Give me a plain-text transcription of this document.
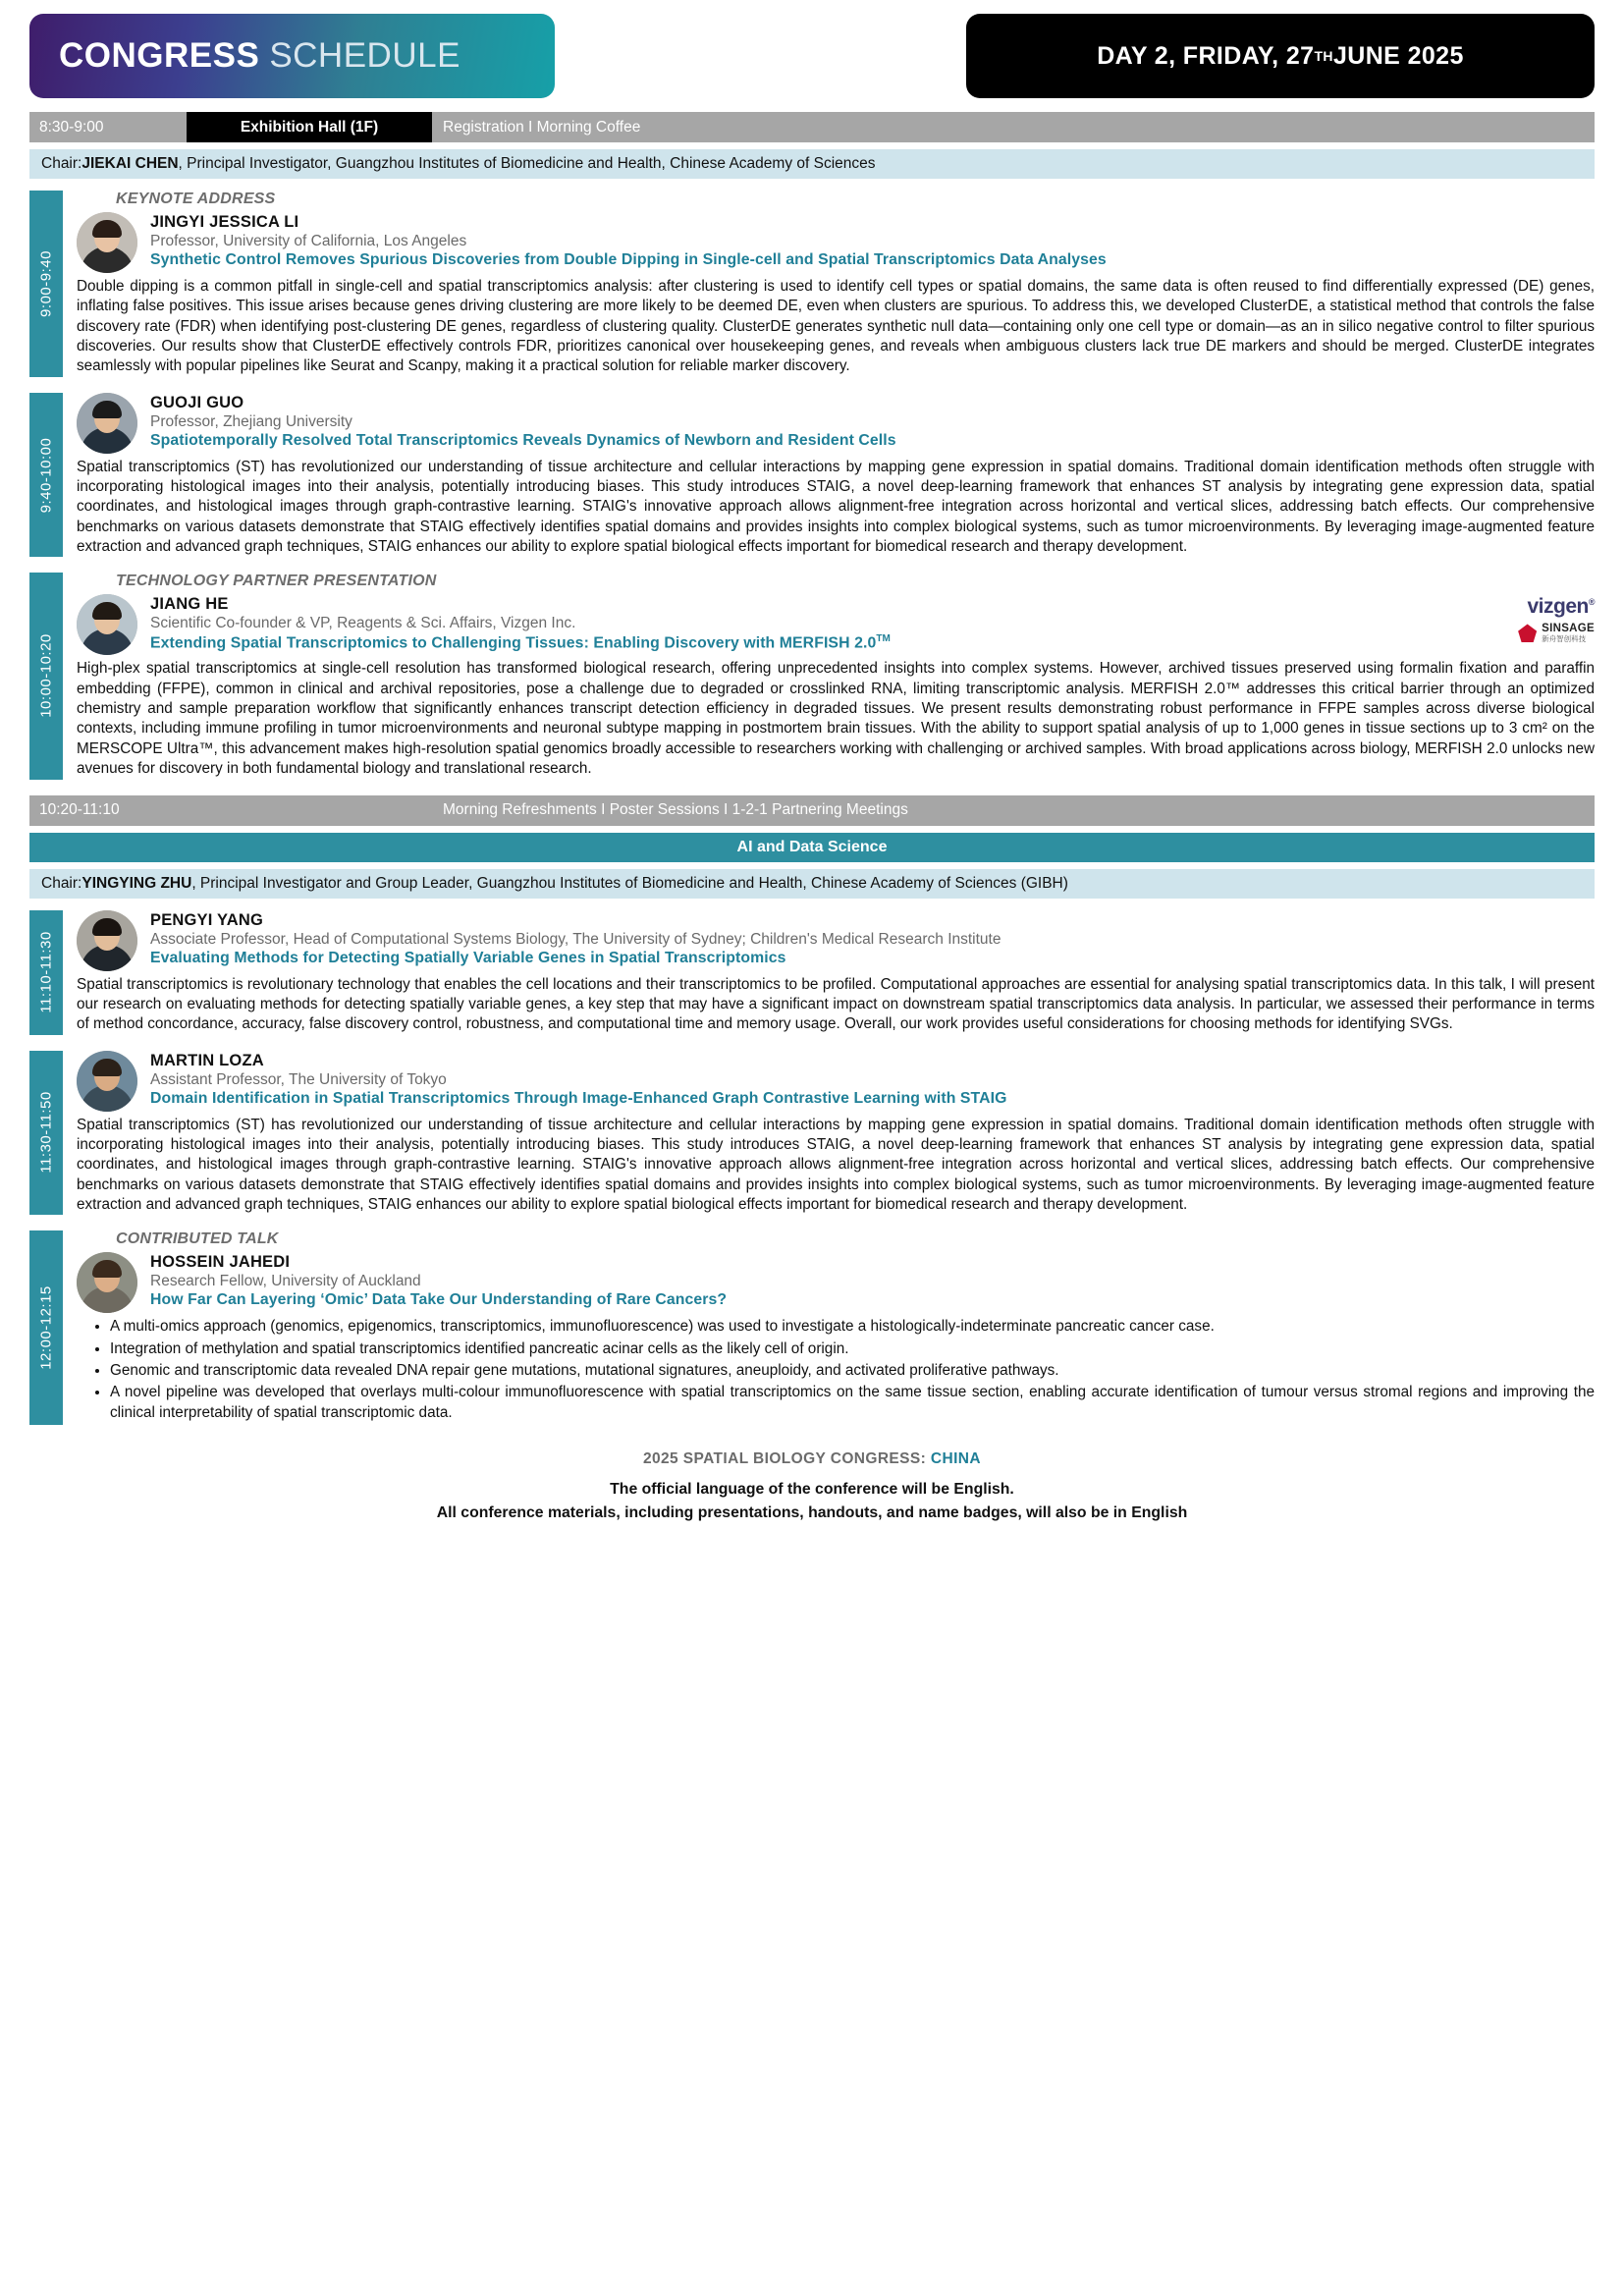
CONGRESS SCHEDULE	DAY 2, FRIDAY, 27 TH JUNE 2025
8:30-9:00	Exhibition Hall (1F)	Registration I Morning Coffee
Chair: JIEKAI CHEN , Principal Investigator, Guangzhou Institutes of Biomedicine and Health, Chinese Academy of Sciences
9:00-9:40
KEYNOTE ADDRESS
JINGYI JESSICA LI
Professor, University of California, Los Angeles
Synthetic Control Removes Spurious Discoveries from Double Dipping in Single-cell and Spatial Transcriptomics Data Analyses
Double dipping is a common pitfall in single-cell and spatial transcriptomics analysis: after clustering is used to identify cell types or spatial domains, the same data is often reused to find differentially expressed (DE) genes, inflating false positives. This issue arises because genes driving clustering are more likely to be deemed DE, even when clusters are spurious. To address this, we developed ClusterDE, a statistical method that controls the false discovery rate (FDR) when identifying post-clustering DE genes, regardless of clustering quality. ClusterDE generates synthetic null data—containing only one cell type or domain—as an in silico negative control to filter spurious discoveries. Our results show that ClusterDE effectively controls FDR, prioritizes canonical over housekeeping genes, and reveals when ambiguous clusters lack true DE markers and should be merged. ClusterDE integrates seamlessly with popular pipelines like Seurat and Scanpy, making it a practical solution for reliable marker discovery.
9:40-10:00
GUOJI GUO
Professor, Zhejiang University
Spatiotemporally Resolved Total Transcriptomics Reveals Dynamics of Newborn and Resident Cells
Spatial transcriptomics (ST) has revolutionized our understanding of tissue architecture and cellular interactions by mapping gene expression in spatial domains. Traditional domain identification methods often struggle with incorporating histological images into their analysis, potentially introducing biases. This study introduces STAIG, a novel deep-learning framework that enhances ST analysis by integrating gene expression data, spatial coordinates, and histological images through graph-contrastive learning. STAIG's innovative approach allows alignment-free integration across horizontal and vertical slices, addressing batch effects. Our comprehensive benchmarks on various datasets demonstrate that STAIG effectively identifies spatial domains and provides insights into complex biological systems, such as tumor microenvironments. By leveraging image-augmented feature extraction and advanced graph techniques, STAIG enhances our ability to explore spatial biological effects important for biomedical research and therapy development.
10:00-10:20
TECHNOLOGY PARTNER PRESENTATION
JIANG HE
Scientific Co-founder & VP, Reagents & Sci. Affairs, Vizgen Inc.
Extending Spatial Transcriptomics to Challenging Tissues: Enabling Discovery with MERFISH 2.0™
vizgen®
SINSAGE
新舟智创科技
High-plex spatial transcriptomics at single-cell resolution has transformed biological research, offering unprecedented insights into complex systems. However, archived tissues preserved using formalin fixation and paraffin embedding (FFPE), common in clinical and archival repositories, pose a challenge due to degraded or crosslinked RNA, limiting transcriptomic analysis. MERFISH 2.0™ addresses this critical barrier through an optimized chemistry and sample preparation workflow that significantly enhances transcript detection efficiency in degraded tissues. We present results demonstrating robust performance in FFPE samples across diverse biological contexts, including immune profiling in tumor microenvironments and neuronal subtype mapping in postmortem brain tissues. With the ability to support spatial analysis of up to 1,000 genes in tissue sections up to 3 cm² on the MERSCOPE Ultra™, this advancement makes high-resolution spatial genomics broadly accessible to researchers working with challenging or archived samples. With broad applications across biology, MERFISH 2.0 unlocks new avenues for discovery in both fundamental biology and translational research.
10:20-11:10	Morning Refreshments I Poster Sessions I 1-2-1 Partnering Meetings
AI and Data Science
Chair: YINGYING ZHU , Principal Investigator and Group Leader, Guangzhou Institutes of Biomedicine and Health, Chinese Academy of Sciences (GIBH)
11:10-11:30
PENGYI YANG
Associate Professor, Head of Computational Systems Biology, The University of Sydney; Children's Medical Research Institute
Evaluating Methods for Detecting Spatially Variable Genes in Spatial Transcriptomics
Spatial transcriptomics is revolutionary technology that enables the cell locations and their transcriptomics to be profiled. Computational approaches are essential for analysing spatial transcriptomics data. In this talk, I will present our research on evaluating methods for detecting spatially variable genes, a key step that may have a significant impact on downstream spatial transcriptomics data analysis. In particular, we assessed their performance in terms of method concordance, accuracy, false discovery control, robustness, and computational time and memory usage. Overall, our work provides useful considerations for choosing methods for identifying SVGs.
11:30-11:50
MARTIN LOZA
Assistant Professor, The University of Tokyo
Domain Identification in Spatial Transcriptomics Through Image-Enhanced Graph Contrastive Learning with STAIG
Spatial transcriptomics (ST) has revolutionized our understanding of tissue architecture and cellular interactions by mapping gene expression in spatial domains. Traditional domain identification methods often struggle with incorporating histological images into their analysis, potentially introducing biases. This study introduces STAIG, a novel deep-learning framework that enhances ST analysis by integrating gene expression data, spatial coordinates, and histological images through graph-contrastive learning. STAIG's innovative approach allows alignment-free integration across horizontal and vertical slices, addressing batch effects. Our comprehensive benchmarks on various datasets demonstrate that STAIG effectively identifies spatial domains and provides insights into complex biological systems, such as tumor microenvironments. By leveraging image-augmented feature extraction and advanced graph techniques, STAIG enhances our ability to explore spatial biological effects important for biomedical research and therapy development.
12:00-12:15
CONTRIBUTED TALK
HOSSEIN JAHEDI
Research Fellow, University of Auckland
How Far Can Layering ‘Omic’ Data Take Our Understanding of Rare Cancers?
• A multi-omics approach (genomics, epigenomics, transcriptomics, immunofluorescence) was used to investigate a histologically-indeterminate pancreatic cancer case.
• Integration of methylation and spatial transcriptomics identified pancreatic acinar cells as the likely cell of origin.
• Genomic and transcriptomic data revealed DNA repair gene mutations, mutational signatures, aneuploidy, and activated proliferative pathways.
• A novel pipeline was developed that overlays multi-colour immunofluorescence with spatial transcriptomics on the same tissue section, enabling accurate identification of tumour versus stromal regions and improving the clinical interpretability of spatial transcriptomic data.
2025 SPATIAL BIOLOGY CONGRESS: CHINA
The official language of the conference will be English.
All conference materials, including presentations, handouts, and name badges, will also be in English
